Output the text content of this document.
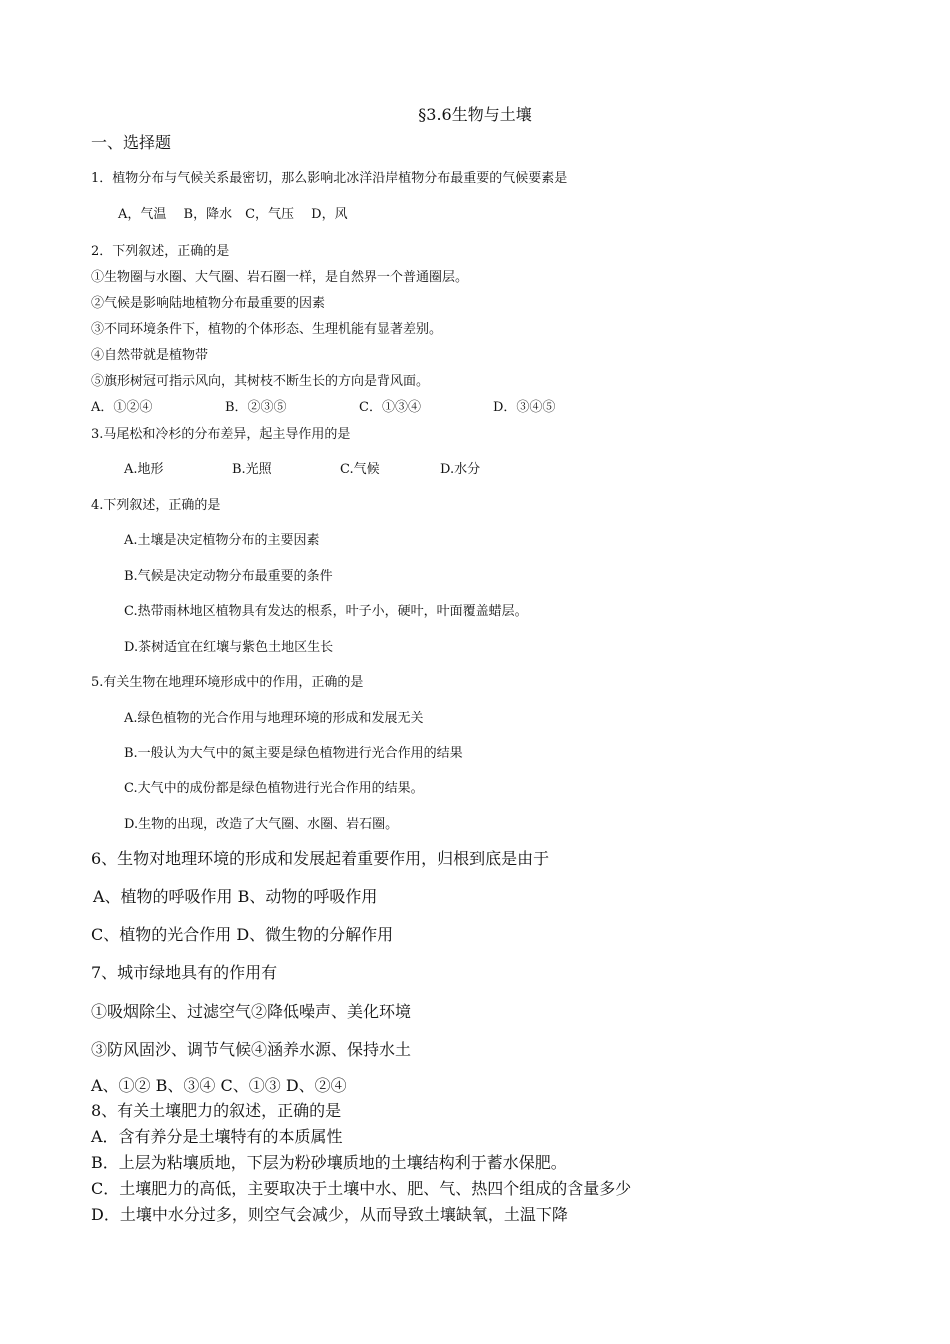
§3.6生物与土壤
一、选择题
1．植物分布与气候关系最密切，那么影响北冰洋沿岸植物分布最重要的气候要素是
A，气温　 B，降水　C，气压　 D，风
2．下列叙述，正确的是
①生物圈与水圈、大气圈、岩石圈一样，是自然界一个普通圈层。
②气候是影响陆地植物分布最重要的因素
③不同环境条件下，植物的个体形态、生理机能有显著差别。
④自然带就是植物带
⑤旗形树冠可指示风向，其树枝不断生长的方向是背风面。
A．①②④	B．②③⑤	C．①③④	D．③④⑤
3.马尾松和冷杉的分布差异，起主导作用的是
A.地形	B.光照	C.气候	D.水分
4.下列叙述，正确的是
A.土壤是决定植物分布的主要因素
B.气候是决定动物分布最重要的条件
C.热带雨林地区植物具有发达的根系，叶子小，硬叶，叶面覆盖蜡层。
D.茶树适宜在红壤与紫色土地区生长
5.有关生物在地理环境形成中的作用，正确的是
A.绿色植物的光合作用与地理环境的形成和发展无关
B.一般认为大气中的氮主要是绿色植物进行光合作用的结果
C.大气中的成份都是绿色植物进行光合作用的结果。
D.生物的出现，改造了大气圈、水圈、岩石圈。
6、生物对地理环境的形成和发展起着重要作用，归根到底是由于
A、植物的呼吸作用 B、动物的呼吸作用
C、植物的光合作用 D、微生物的分解作用
7、城市绿地具有的作用有
①吸烟除尘、过滤空气②降低噪声、美化环境
③防风固沙、调节气候④涵养水源、保持水土
A、①② B、③④ C、①③ D、②④
8、有关土壤肥力的叙述，正确的是
A．含有养分是土壤特有的本质属性
B．上层为粘壤质地，下层为粉砂壤质地的土壤结构利于蓄水保肥。
C．土壤肥力的高低，主要取决于土壤中水、肥、气、热四个组成的含量多少
D．土壤中水分过多，则空气会减少，从而导致土壤缺氧，土温下降
